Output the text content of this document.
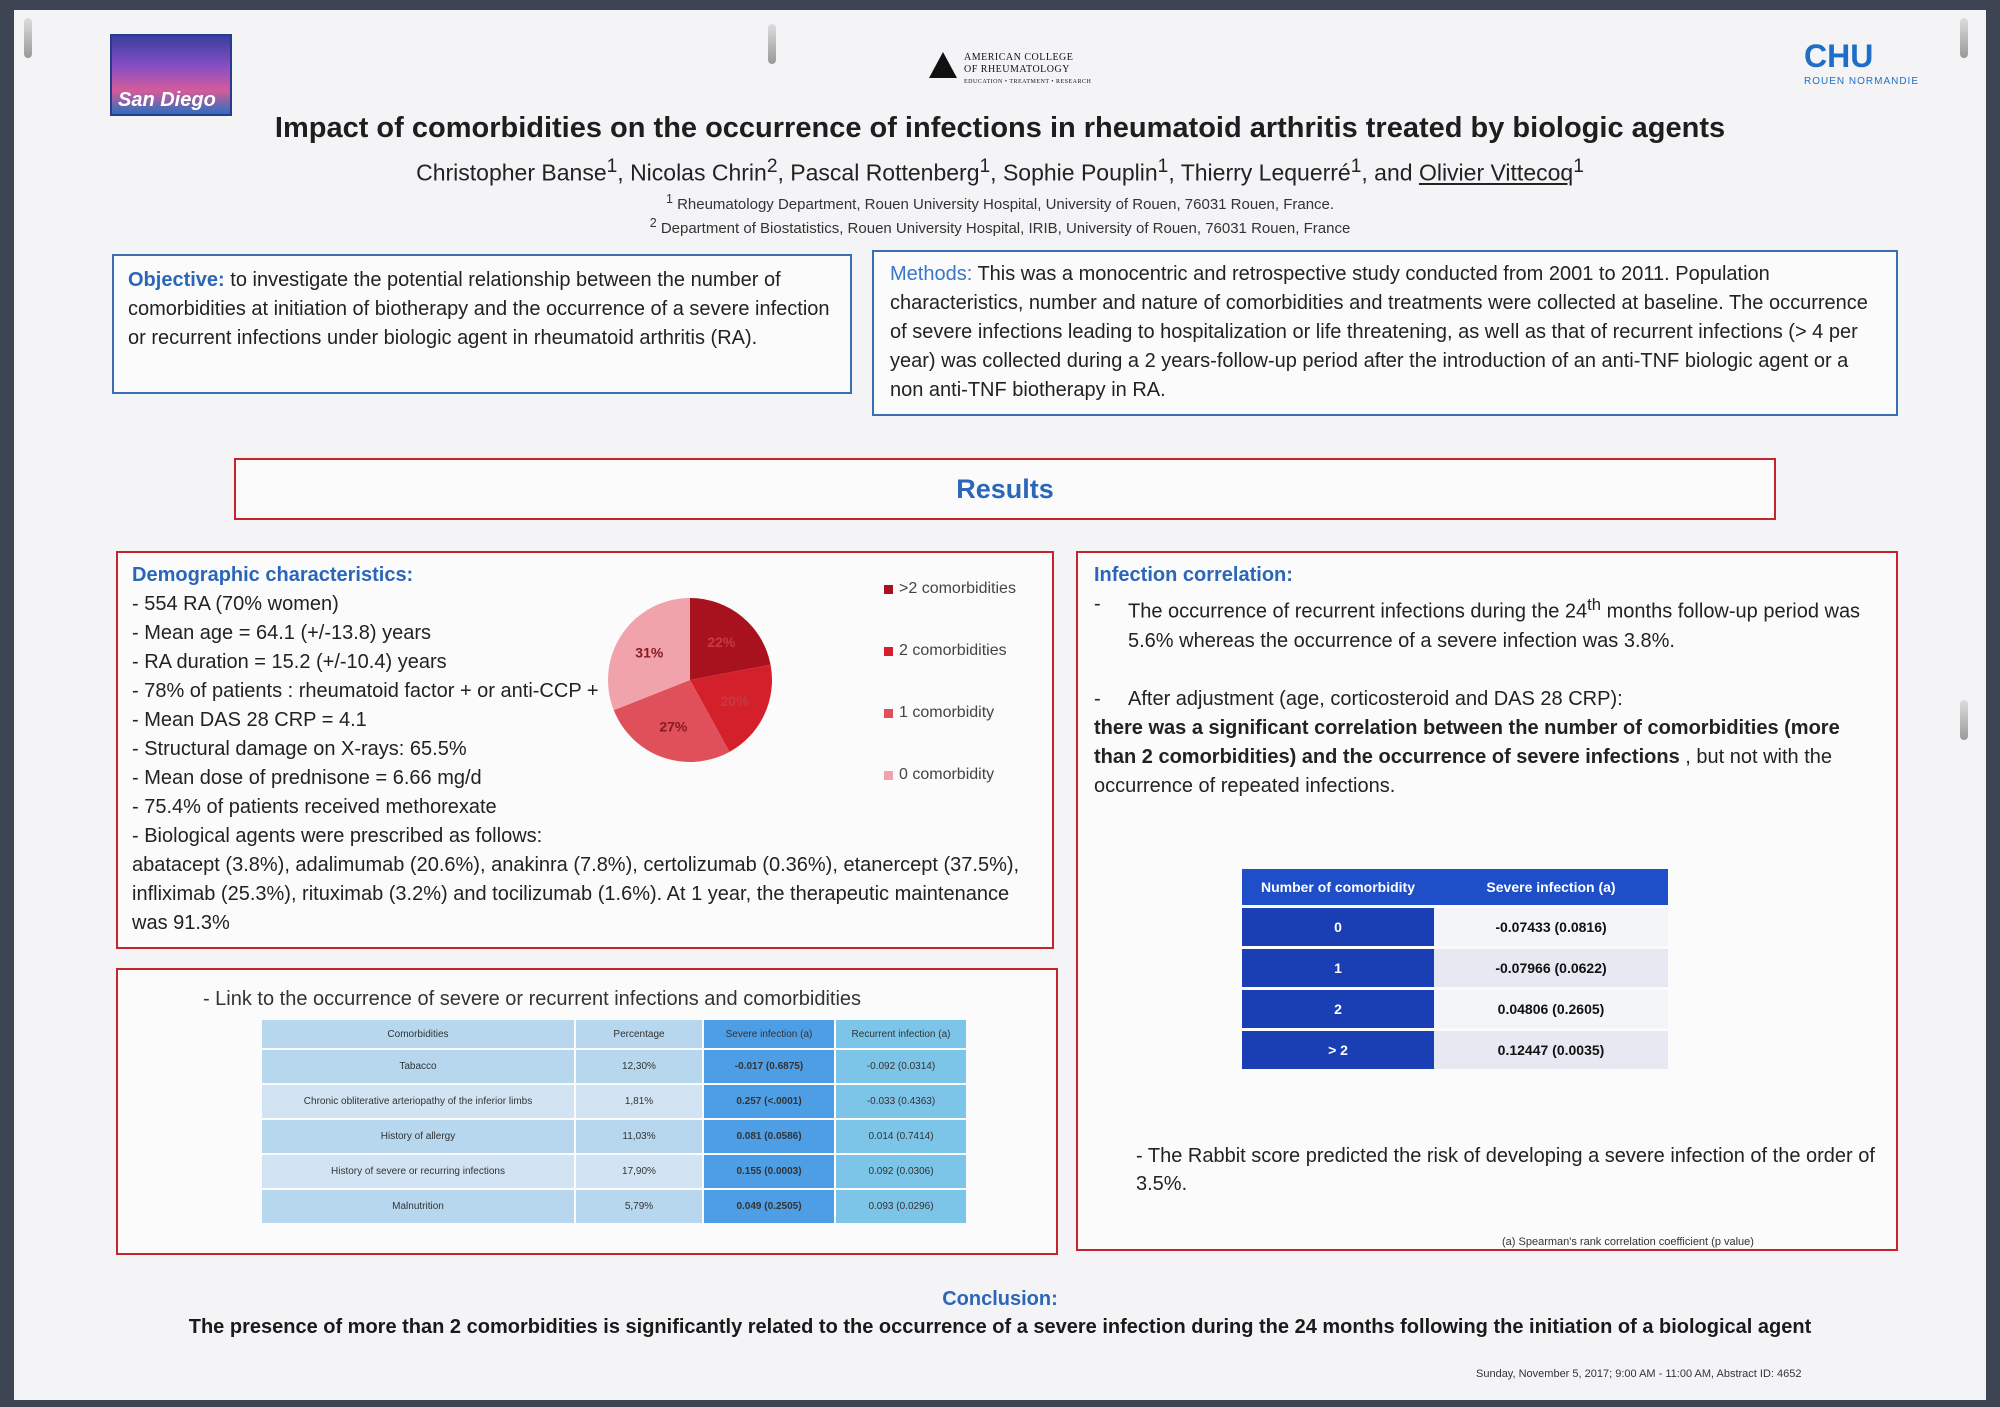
San Diego
AMERICAN COLLEGE
OF RHEUMATOLOGY
EDUCATION • TREATMENT • RESEARCH
CHU
ROUEN NORMANDIE
Impact of comorbidities on the occurrence of infections in rheumatoid arthritis treated by biologic agents
Christopher Banse$^1$, Nicolas Chrin$^2$, Pascal Rottenberg$^1$, Sophie Pouplin$^1$, Thierry Lequerré$^1$, and Olivier Vittecoq$^1$
$^1$ Rheumatology Department, Rouen University Hospital, University of Rouen, 76031 Rouen, France.
$^2$ Department of Biostatistics, Rouen University Hospital, IRIB, University of Rouen, 76031 Rouen, France
Objective: to investigate the potential relationship between the number of comorbidities at initiation of biotherapy and the occurrence of a severe infection or recurrent infections under biologic agent in rheumatoid arthritis (RA).
Methods: This was a monocentric and retrospective study conducted from 2001 to 2011. Population characteristics, number and nature of comorbidities and treatments were collected at baseline. The occurrence of severe infections leading to hospitalization or life threatening, as well as that of recurrent infections (> 4 per year) was collected during a 2 years-follow-up period after the introduction of an anti-TNF biologic agent or a non anti-TNF biotherapy in RA.
Results
Demographic characteristics:

- 554 RA (70% women)

- Mean age = 64.1 (+/-13.8) years

- RA duration = 15.2 (+/-10.4) years

- 78% of patients : rheumatoid factor + or anti-CCP +

- Mean DAS 28 CRP = 4.1

- Structural damage on X-rays: 65.5%

- Mean dose of prednisone = 6.66 mg/d

- 75.4% of patients received methorexate

- Biological agents were prescribed as follows:

abatacept (3.8%), adalimumab (20.6%), anakinra (7.8%), certolizumab (0.36%), etanercept (37.5%), infliximab (25.3%), rituximab (3.2%) and tocilizumab (1.6%). At 1 year, the therapeutic maintenance was 91.3%

22%
20%
27%
31%
>2 comorbidities
2 comorbidities
1 comorbidity
0 comorbidity
Infection correlation:

-	The occurrence of recurrent infections during the 24th months follow-up period was 5.6% whereas the occurrence of a severe infection was 3.8%.

-	After adjustment (age, corticosteroid and DAS 28 CRP):

there was a significant correlation between the number of comorbidities (more than 2 comorbidities) and the occurrence of severe infections , but not with the occurrence of repeated infections.

Number of comorbidity	Severe infection (a)
0	-0.07433 (0.0816)
1	-0.07966 (0.0622)
2	0.04806 (0.2605)
> 2	0.12447 (0.0035)
- The Rabbit score predicted the risk of developing a severe infection of the order of 3.5%.
(a) Spearman's rank correlation coefficient (p value)
- Link to the occurrence of severe or recurrent infections and comorbidities
Comorbidities	Percentage	Severe infection (a)	Recurrent infection (a)
Tabacco	12,30%	-0.017 (0.6875)	-0.092 (0.0314)
Chronic obliterative arteriopathy of the inferior limbs	1,81%	0.257 (<.0001)	-0.033 (0.4363)
History of allergy	11,03%	0.081 (0.0586)	0.014 (0.7414)
History of severe or recurring infections	17,90%	0.155 (0.0003)	0.092 (0.0306)
Malnutrition	5,79%	0.049 (0.2505)	0.093 (0.0296)
Conclusion:
The presence of more than 2 comorbidities is significantly related to the occurrence of a severe infection during the 24 months following the initiation of a biological agent
Sunday, November 5, 2017; 9:00 AM - 11:00 AM, Abstract ID: 4652
